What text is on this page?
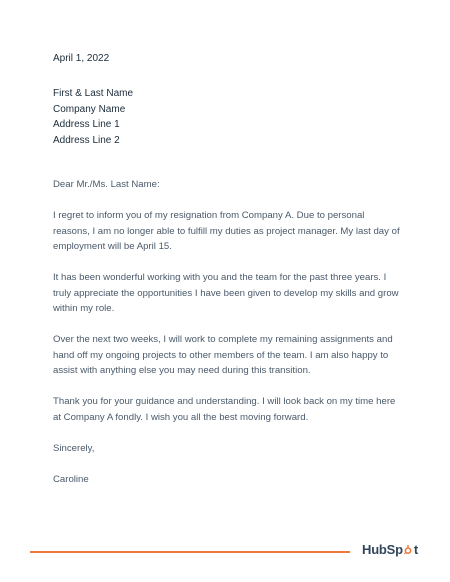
April 1, 2022
First & Last Name
Company Name
Address Line 1
Address Line 2

Dear Mr./Ms. Last Name:

I regret to inform you of my resignation from Company A. Due to personal reasons, I am no longer able to fulfill my duties as project manager. My last day of employment will be April 15.

It has been wonderful working with you and the team for the past three years. I truly appreciate the opportunities I have been given to develop my skills and grow within my role.

Over the next two weeks, I will work to complete my remaining assignments and hand off my ongoing projects to other members of the team. I am also happy to assist with anything else you may need during this transition.

Thank you for your guidance and understanding. I will look back on my time here at Company A fondly. I wish you all the best moving forward.

Sincerely,

Caroline

HubSp t
